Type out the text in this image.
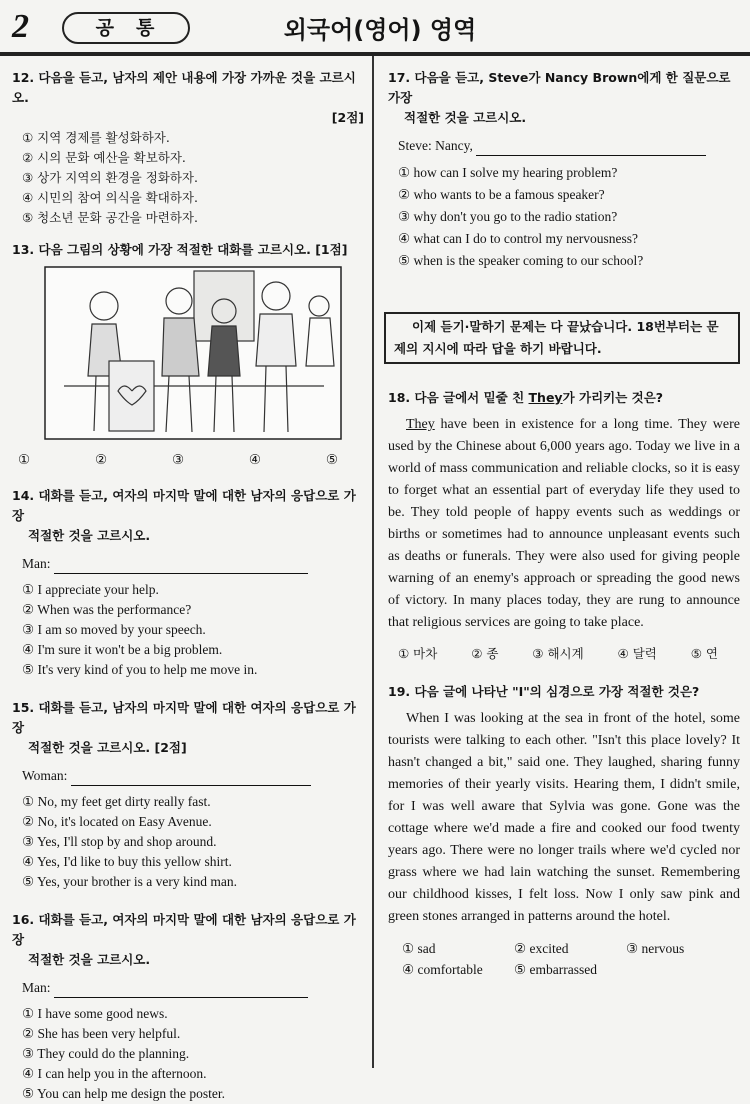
2	공통	외국어(영어) 영역
12. 다음을 듣고, 남자의 제안 내용에 가장 가까운 것을 고르시오.
[2점]
① 지역 경제를 활성화하자.
② 시의 문화 예산을 확보하자.
③ 상가 지역의 환경을 정화하자.
④ 시민의 참여 의식을 확대하자.
⑤ 청소년 문화 공간을 마련하자.
13. 다음 그림의 상황에 가장 적절한 대화를 고르시오. [1점]
①	②	③	④	⑤
14. 대화를 듣고, 여자의 마지막 말에 대한 남자의 응답으로 가장
적절한 것을 고르시오.
Man:
① I appreciate your help.
② When was the performance?
③ I am so moved by your speech.
④ I'm sure it won't be a big problem.
⑤ It's very kind of you to help me move in.
15. 대화를 듣고, 남자의 마지막 말에 대한 여자의 응답으로 가장
적절한 것을 고르시오. [2점]
Woman:
① No, my feet get dirty really fast.
② No, it's located on Easy Avenue.
③ Yes, I'll stop by and shop around.
④ Yes, I'd like to buy this yellow shirt.
⑤ Yes, your brother is a very kind man.
16. 대화를 듣고, 여자의 마지막 말에 대한 남자의 응답으로 가장
적절한 것을 고르시오.
Man:
① I have some good news.
② She has been very helpful.
③ They could do the planning.
④ I can help you in the afternoon.
⑤ You can help me design the poster.
17. 다음을 듣고, Steve가 Nancy Brown에게 한 질문으로 가장
적절한 것을 고르시오.
Steve: Nancy,
① how can I solve my hearing problem?
② who wants to be a famous speaker?
③ why don't you go to the radio station?
④ what can I do to control my nervousness?
⑤ when is the speaker coming to our school?
이제 듣기·말하기 문제는 다 끝났습니다. 18번부터는 문제의 지시에 따라 답을 하기 바랍니다.
18. 다음 글에서 밑줄 친 They가 가리키는 것은?
They have been in existence for a long time. They were used by the Chinese about 6,000 years ago. Today we live in a world of mass communication and reliable clocks, so it is easy to forget what an essential part of everyday life they used to be. They told people of happy events such as weddings or births or sometimes had to announce unpleasant events such as deaths or funerals. They were also used for giving people warning of an enemy's approach or spreading the good news of victory. In many places today, they are rung to announce that religious services are going to take place.
① 마차	② 종	③ 해시계	④ 달력	⑤ 연
19. 다음 글에 나타난 "I"의 심경으로 가장 적절한 것은?
When I was looking at the sea in front of the hotel, some tourists were talking to each other. "Isn't this place lovely? It hasn't changed a bit," said one. They laughed, sharing funny memories of their yearly visits. Hearing them, I didn't smile, for I was well aware that Sylvia was gone. Gone was the cottage where we'd made a fire and cooked our food twenty years ago. There were no longer trails where we'd cycled nor grass where we had lain watching the sunset. Remembering our childhood kisses, I felt loss. Now I only saw pink and green stones arranged in patterns around the hotel.
① sad	② excited	③ nervous
④ comfortable ⑤ embarrassed
